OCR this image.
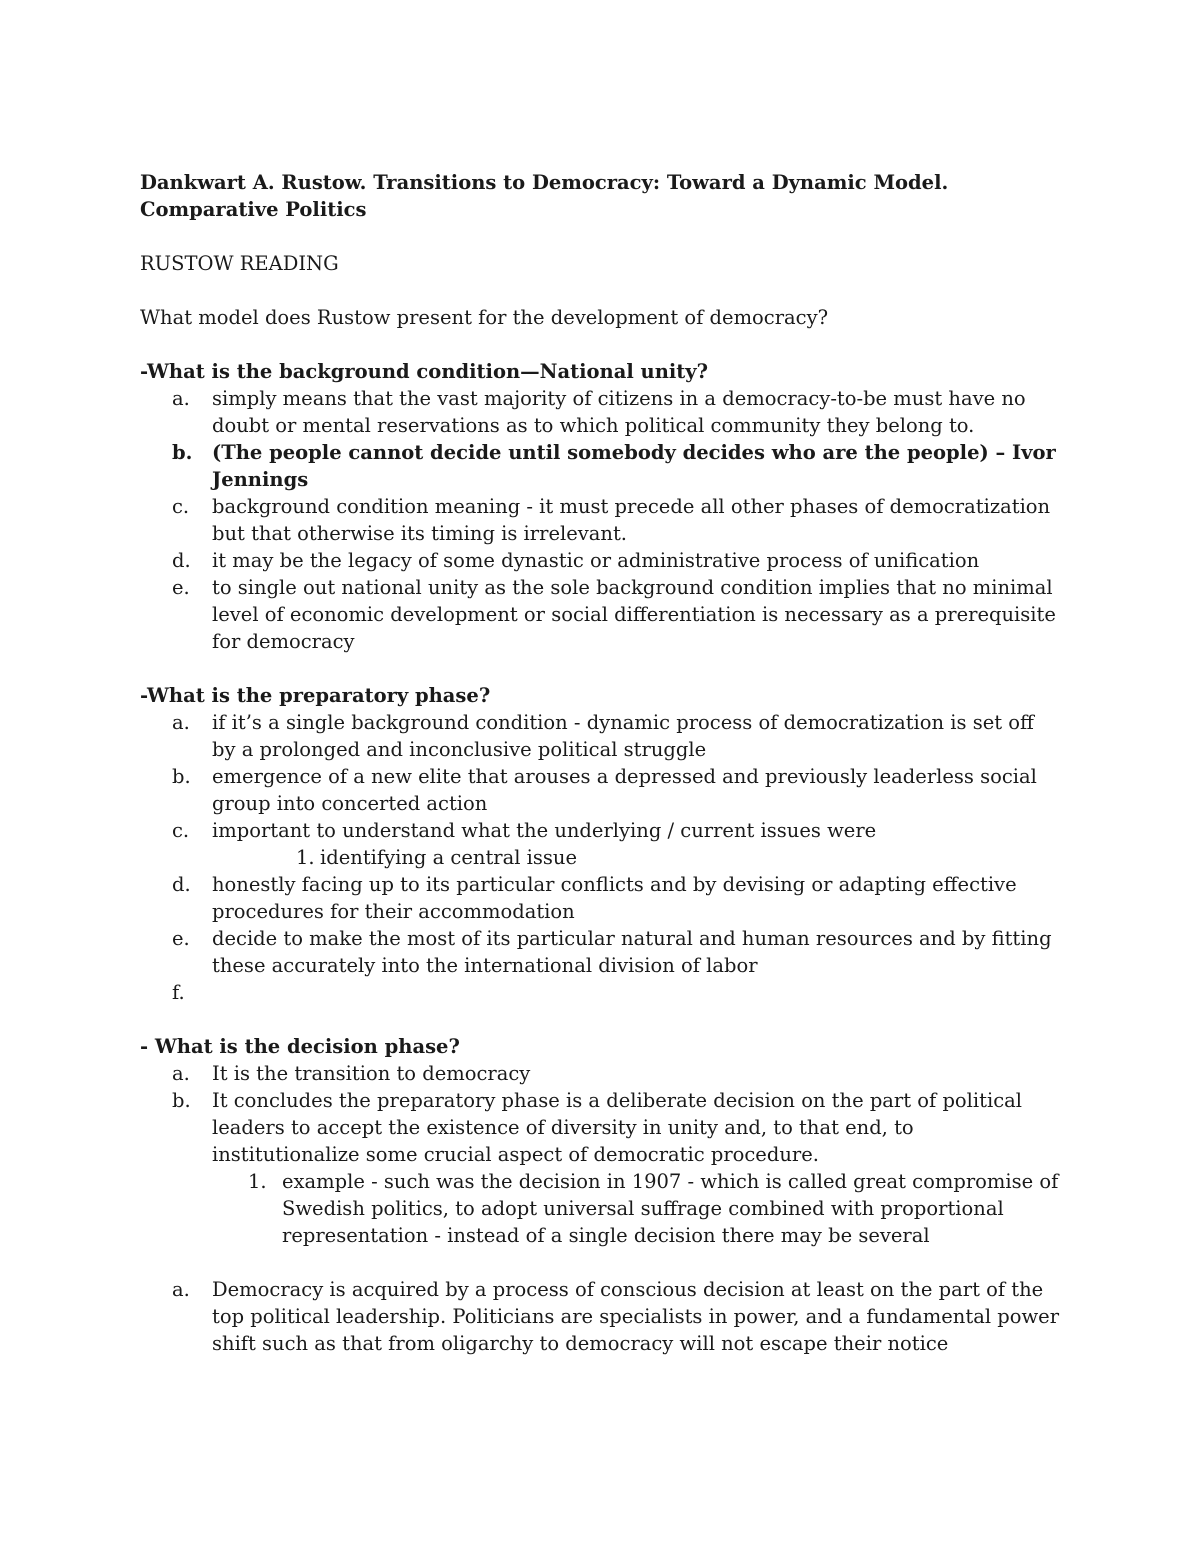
Dankwart A. Rustow. Transitions to Democracy: Toward a Dynamic Model. Comparative Politics

RUSTOW READING

What model does Rustow present for the development of democracy?

-What is the background condition—National unity?

a. simply means that the vast majority of citizens in a democracy-to-be must have no doubt or mental reservations as to which political community they belong to.
b. (The people cannot decide until somebody decides who are the people) – Ivor Jennings
c. background condition meaning - it must precede all other phases of democratization but that otherwise its timing is irrelevant.
d. it may be the legacy of some dynastic or administrative process of unification
e. to single out national unity as the sole background condition implies that no minimal level of economic development or social differentiation is necessary as a prerequisite for democracy

-What is the preparatory phase?

a. if it’s a single background condition - dynamic process of democratization is set off by a prolonged and inconclusive political struggle
b. emergence of a new elite that arouses a depressed and previously leaderless social group into concerted action
c. important to understand what the underlying / current issues were
1. identifying a central issue
d. honestly facing up to its particular conflicts and by devising or adapting effective procedures for their accommodation
e. decide to make the most of its particular natural and human resources and by fitting these accurately into the international division of labor
f.

- What is the decision phase?

a. It is the transition to democracy
b. It concludes the preparatory phase is a deliberate decision on the part of political leaders to accept the existence of diversity in unity and, to that end, to institutionalize some crucial aspect of democratic procedure.
1. example - such was the decision in 1907 - which is called great compromise of Swedish politics, to adopt universal suffrage combined with proportional representation - instead of a single decision there may be several
a. Democracy is acquired by a process of conscious decision at least on the part of the top political leadership. Politicians are specialists in power, and a fundamental power shift such as that from oligarchy to democracy will not escape their notice
